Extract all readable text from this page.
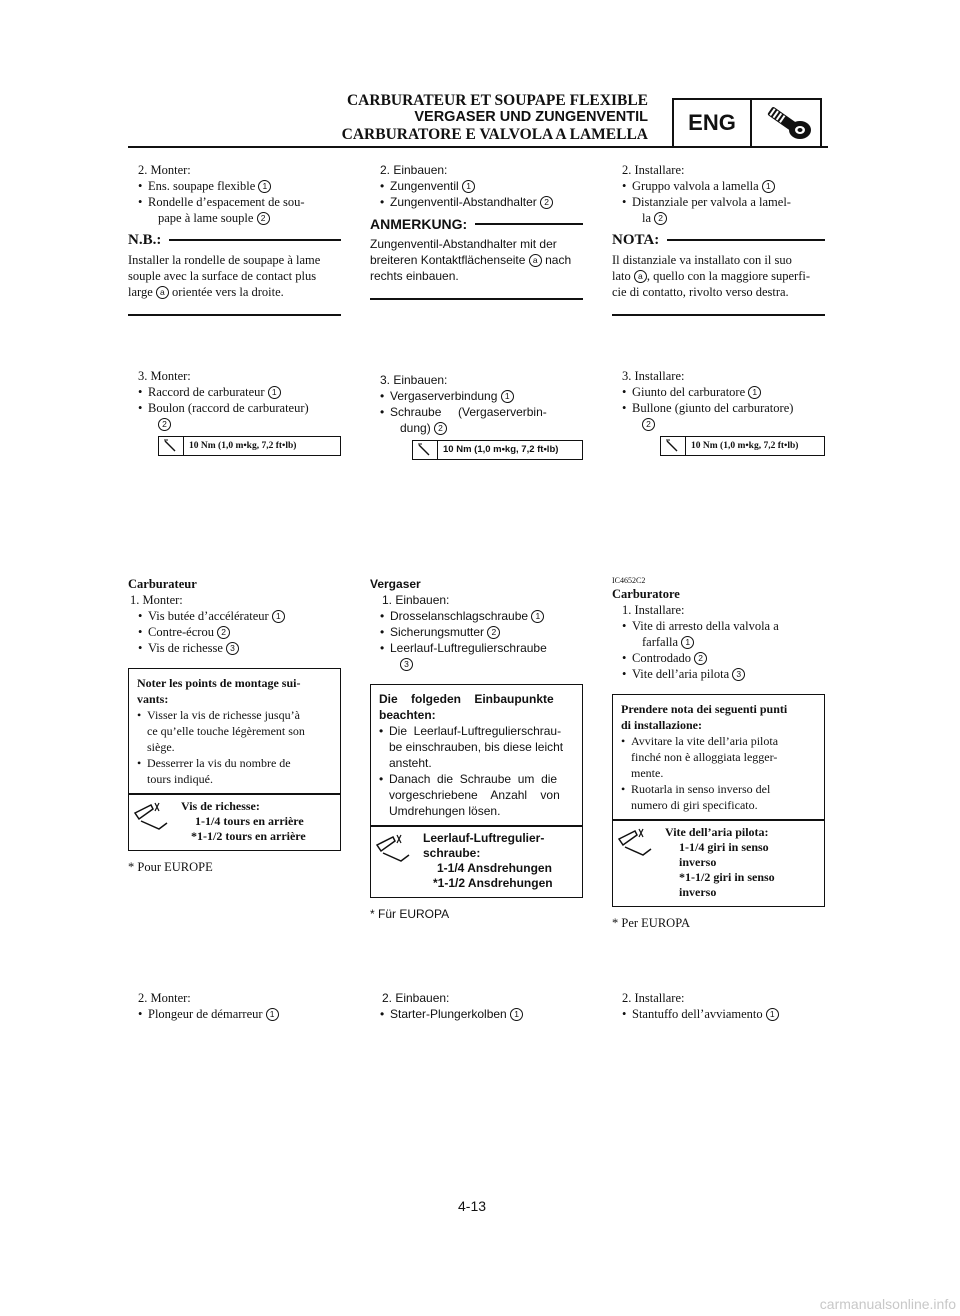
CARBURATEUR ET SOUPAPE FLEXIBLE
VERGASER UND ZUNGENVENTIL
CARBURATORE E VALVOLA A LAMELLA	ENG
2. Monter:
• Ens. soupape flexible 1
• Rondelle d’espacement de sou-
pape à lame souple 2
N.B.:
Installer la rondelle de soupape à lame
souple avec la surface de contact plus
large a orientée vers la droite.
3. Monter:
• Raccord de carburateur 1
• Boulon (raccord de carburateur)
2
10 Nm (1,0 m•kg, 7,2 ft•lb)
Carburateur
1. Monter:
• Vis butée d’accélérateur 1
• Contre-écrou 2
• Vis de richesse 3
Noter les points de montage sui-
vants:
• Visser la vis de richesse jusqu’à
ce qu’elle touche légèrement son
siège.
• Desserrer la vis du nombre de
tours indiqué.
Vis de richesse:
1-1/4 tours en arrière
*1-1/2 tours en arrière
* Pour EUROPE
2. Monter:
• Plongeur de démarreur 1
2. Einbauen:
• Zungenventil 1
• Zungenventil-Abstandhalter 2
ANMERKUNG:
Zungenventil-Abstandhalter mit der
breiteren Kontaktflächenseite a nach
rechts einbauen.
3. Einbauen:
• Vergaserverbindung 1
• Schraube     (Vergaserverbin-
dung) 2
10 Nm (1,0 m•kg, 7,2 ft•lb)
Vergaser
1. Einbauen:
• Drosselanschlagschraube 1
• Sicherungsmutter 2
• Leerlauf-Luftregulierschraube
3
Die    folgeden    Einbaupunkte
beachten:
• Die  Leerlauf-Luftregulierschrau-
be einschrauben, bis diese leicht
ansteht.
• Danach  die  Schraube  um  die
vorgeschriebene    Anzahl    von
Umdrehungen lösen.
Leerlauf-Luftregulier-
schraube:
1-1/4 Ansdrehungen
*1-1/2 Ansdrehungen
* Für EUROPA
2. Einbauen:
• Starter-Plungerkolben 1
2. Installare:
• Gruppo valvola a lamella 1
• Distanziale per valvola a lamel-
la 2
NOTA:
Il distanziale va installato con il suo
lato a , quello con la maggiore superfi-
cie di contatto, rivolto verso destra.
3. Installare:
• Giunto del carburatore 1
• Bullone (giunto del carburatore)
2
10 Nm (1,0 m•kg, 7,2 ft•lb)
IC4652C2
Carburatore
1. Installare:
• Vite di arresto della valvola a
farfalla 1
• Controdado 2
• Vite dell’aria pilota 3
Prendere nota dei seguenti punti
di installazione:
• Avvitare la vite dell’aria pilota
finché non è alloggiata legger-
mente.
• Ruotarla in senso inverso del
numero di giri specificato.
Vite dell’aria pilota:
1-1/4 giri in senso
inverso
*1-1/2 giri in senso
inverso
* Per EUROPA
2. Installare:
• Stantuffo dell’avviamento 1
4-13
carmanualsonline.info
